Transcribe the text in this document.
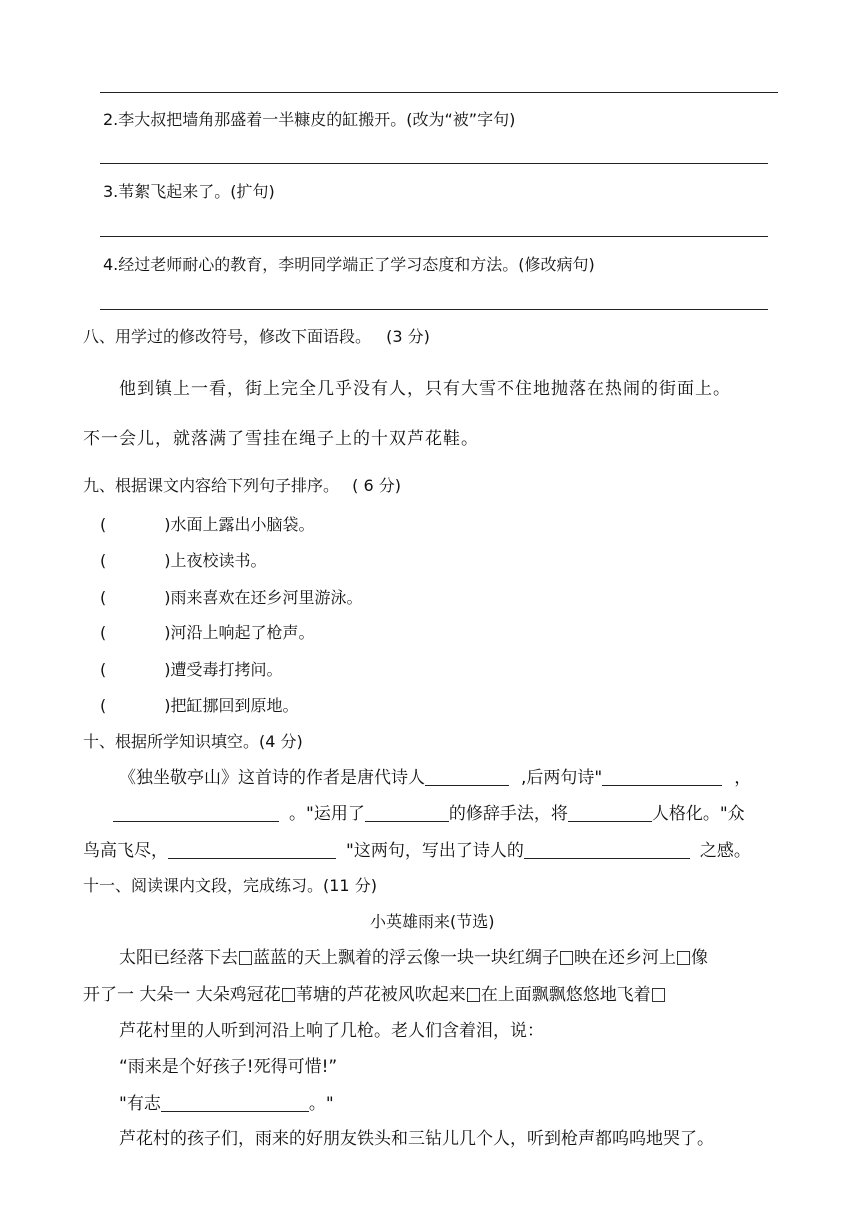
2.李大叔把墙角那盛着一半糠皮的缸搬开。(改为“被”字句)
3.苇絮飞起来了。(扩句)
4.经过老师耐心的教育，李明同学端正了学习态度和方法。(修改病句)
八、用学过的修改符号，修改下面语段。 (3 分)
他到镇上一看，街上完全几乎没有人，只有大雪不住地抛落在热闹的街面上。
不一会儿，就落满了雪挂在绳子上的十双芦花鞋。
九、根据课文内容给下列句子排序。 ( 6 分)
(	)水面上露出小脑袋。
(	)上夜校读书。
(	)雨来喜欢在还乡河里游泳。
(	)河沿上响起了枪声。
(	)遭受毒打拷问。
(	)把缸挪回到原地。
十、根据所学知识填空。(4 分)
《独坐敬亭山》这首诗的作者是唐代诗人	,后两句诗"	，
。"运用了	的修辞手法，将	人格化。"众
鸟高飞尽，	"这两句，写出了诗人的	之感。
十一、阅读课内文段，完成练习。(11 分)
小英雄雨来(节选)
太阳已经落下去 蓝蓝的天上飘着的浮云像一块一块红绸子 映在还乡河上 像
开了一 大朵一 大朵鸡冠花 苇塘的芦花被风吹起来 在上面飘飘悠悠地飞着
芦花村里的人听到河沿上响了几枪。老人们含着泪，说：
“雨来是个好孩子!死得可惜!”
"有志	。"
芦花村的孩子们，雨来的好朋友铁头和三钻儿几个人，听到枪声都呜呜地哭了。
